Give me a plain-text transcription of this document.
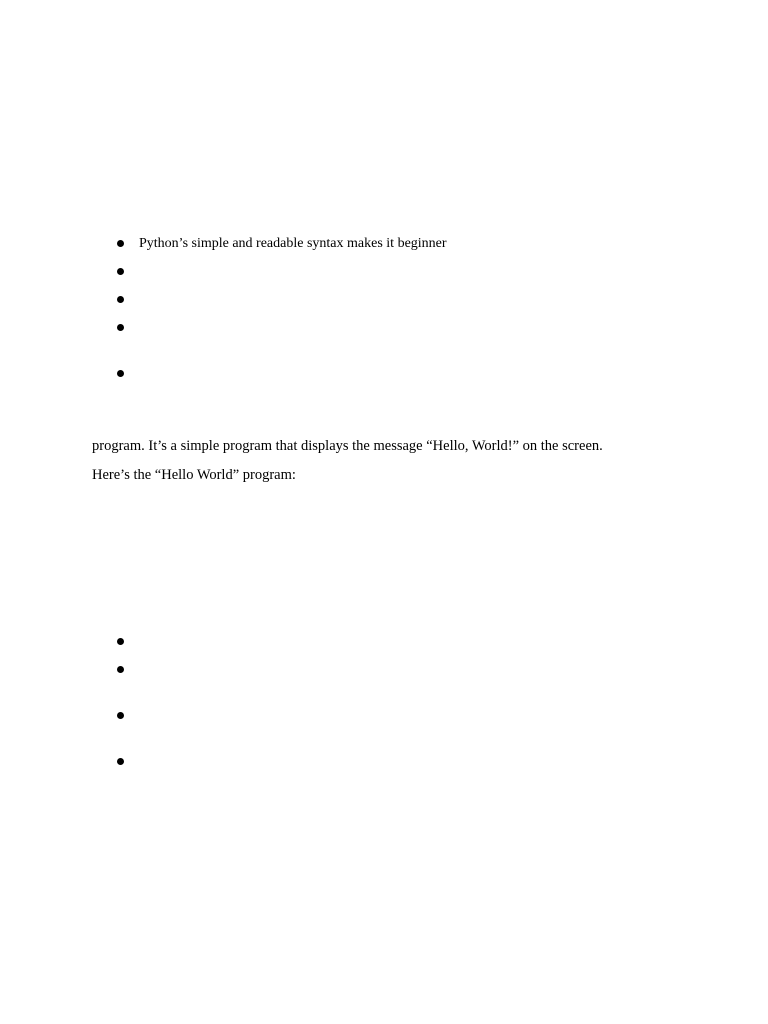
Python’s simple and readable syntax makes it beginner
program. It’s a simple program that displays the message “Hello, World!” on the screen.
Here’s the “Hello World” program:
